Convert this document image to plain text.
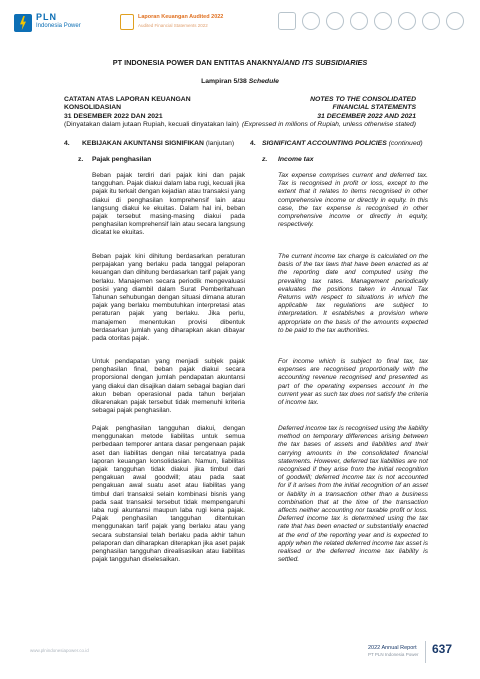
PLN
Indonesia Power
Laporan Keuangan Audited 2022
Audited Financial Statements 2022
PT INDONESIA POWER DAN ENTITAS ANAKNYA/AND ITS SUBSIDIARIES
Lampiran 5/38 Schedule
CATATAN ATAS LAPORAN KEUANGAN
KONSOLIDASIAN
31 DESEMBER 2022 DAN 2021
(Dinyatakan dalam jutaan Rupiah, kecuali dinyatakan lain)
NOTES TO THE CONSOLIDATED
FINANCIAL STATEMENTS
31 DECEMBER 2022 AND 2021
(Expressed in millions of Rupiah, unless otherwise stated)
4. KEBIJAKAN AKUNTANSI SIGNIFIKAN (lanjutan) 4. SIGNIFICANT ACCOUNTING POLICIES (continued)
z. Pajak penghasilan	z. Income tax

Beban pajak terdiri dari pajak kini dan pajak tangguhan. Pajak diakui dalam laba rugi, kecuali jika pajak itu terkait dengan kejadian atau transaksi yang diakui di penghasilan komprehensif lain atau langsung diakui ke ekuitas. Dalam hal ini, beban pajak tersebut masing-masing diakui pada penghasilan komprehensif lain atau secara langsung dicatat ke ekuitas.

Tax expense comprises current and deferred tax. Tax is recognised in profit or loss, except to the extent that it relates to items recognised in other comprehensive income or directly in equity. In this case, the tax expense is recognised in other comprehensive income or directly in equity, respectively.

Beban pajak kini dihitung berdasarkan peraturan perpajakan yang berlaku pada tanggal pelaporan keuangan dan dihitung berdasarkan tarif pajak yang berlaku. Manajemen secara periodik mengevaluasi posisi yang diambil dalam Surat Pemberitahuan Tahunan sehubungan dengan situasi dimana aturan pajak yang berlaku membutuhkan interpretasi atas peraturan pajak yang berlaku. Jika perlu, manajemen menentukan provisi dibentuk berdasarkan jumlah yang diharapkan akan dibayar pada otoritas pajak.

The current income tax charge is calculated on the basis of the tax laws that have been enacted as at the reporting date and computed using the prevailing tax rates. Management periodically evaluates the positions taken in Annual Tax Returns with respect to situations in which the applicable tax regulations are subject to interpretation. It establishes a provision where appropriate on the basis of the amounts expected to be paid to the tax authorities.

Untuk pendapatan yang menjadi subjek pajak penghasilan final, beban pajak diakui secara proporsional dengan jumlah pendapatan akuntansi yang diakui dan disajikan dalam sebagai bagian dari akun beban operasional pada tahun berjalan dikarenakan pajak tersebut tidak memenuhi kriteria sebagai pajak penghasilan.

For income which is subject to final tax, tax expenses are recognised proportionally with the accounting revenue recognised and presented as part of the operating expenses account in the current year as such tax does not satisfy the criteria of income tax.

Pajak penghasilan tangguhan diakui, dengan menggunakan metode liabilitas untuk semua perbedaan temporer antara dasar pengenaan pajak aset dan liabilitas dengan nilai tercatatnya pada laporan keuangan konsolidasian. Namun, liabilitas pajak tangguhan tidak diakui jika timbul dari pengakuan awal goodwill; atau pada saat pengakuan awal suatu aset atau liabilitas yang timbul dari transaksi selain kombinasi bisnis yang pada saat transaksi tersebut tidak mempengaruhi laba rugi akuntansi maupun laba rugi kena pajak. Pajak penghasilan tangguhan ditentukan menggunakan tarif pajak yang berlaku atau yang secara substansial telah berlaku pada akhir tahun pelaporan dan diharapkan diterapkan jika aset pajak penghasilan tangguhan direalisasikan atau liabilitas pajak tangguhan diselesaikan.

Deferred income tax is recognised using the liability method on temporary differences arising between the tax bases of assets and liabilities and their carrying amounts in the consolidated financial statements. However, deferred tax liabilities are not recognised if they arise from the initial recognition of goodwill; deferred income tax is not accounted for if it arises from the initial recognition of an asset or liability in a transaction other than a business combination that at the time of the transaction affects neither accounting nor taxable profit or loss. Deferred income tax is determined using the tax rate that has been enacted or substantially enacted at the end of the reporting year and is expected to apply when the related deferred income tax asset is realised or the deferred income tax liability is settled.

www.plnindonesiapower.co.id	2022 Annual Report
PT PLN Indonesia Power 637
